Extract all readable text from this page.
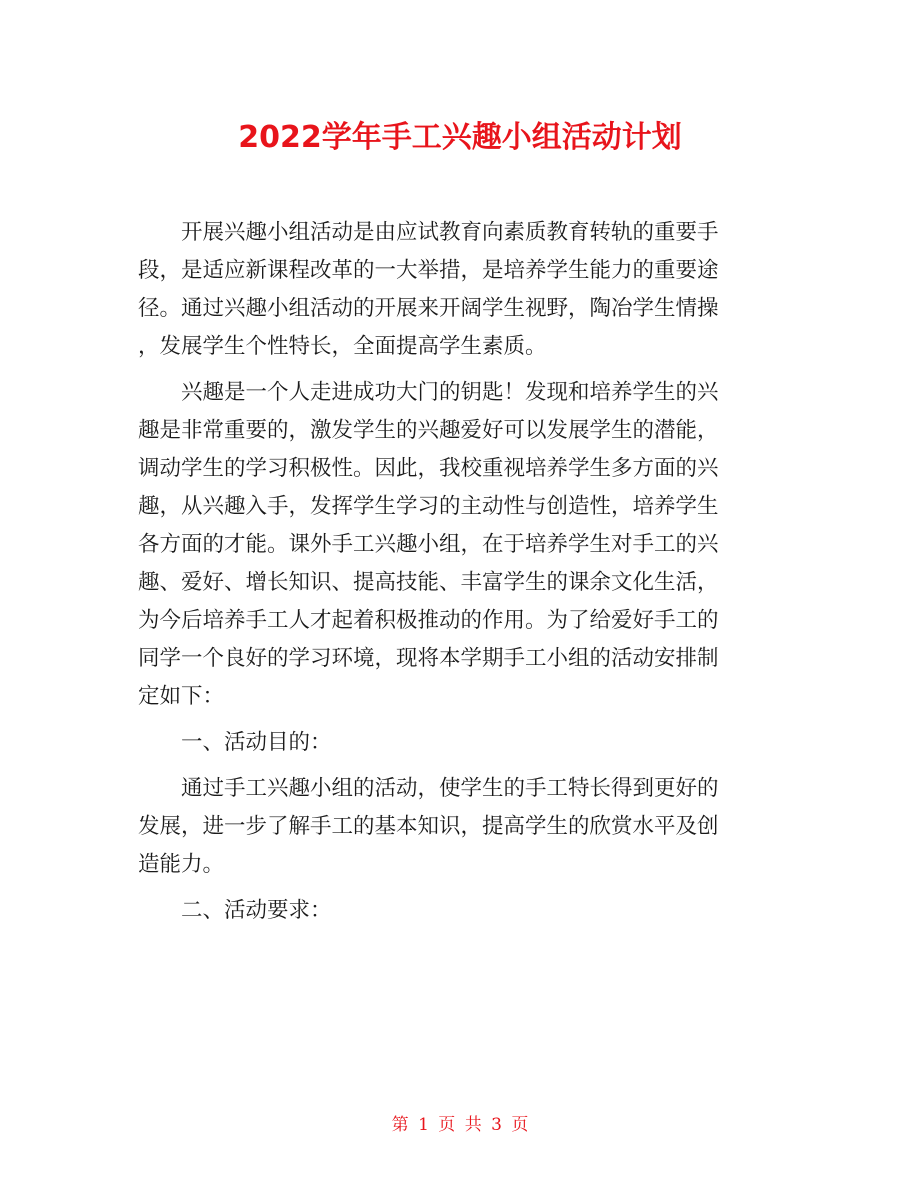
2022学年手工兴趣小组活动计划
开展兴趣小组活动是由应试教育向素质教育转轨的重要手
段，是适应新课程改革的一大举措，是培养学生能力的重要途
径。通过兴趣小组活动的开展来开阔学生视野，陶冶学生情操
，发展学生个性特长，全面提高学生素质。
兴趣是一个人走进成功大门的钥匙！发现和培养学生的兴
趣是非常重要的，激发学生的兴趣爱好可以发展学生的潜能，
调动学生的学习积极性。因此，我校重视培养学生多方面的兴
趣，从兴趣入手，发挥学生学习的主动性与创造性，培养学生
各方面的才能。课外手工兴趣小组，在于培养学生对手工的兴
趣、爱好、增长知识、提高技能、丰富学生的课余文化生活，
为今后培养手工人才起着积极推动的作用。为了给爱好手工的
同学一个良好的学习环境，现将本学期手工小组的活动安排制
定如下：
一、活动目的：
通过手工兴趣小组的活动，使学生的手工特长得到更好的
发展，进一步了解手工的基本知识，提高学生的欣赏水平及创
造能力。
二、活动要求：
第 1 页 共 3 页
